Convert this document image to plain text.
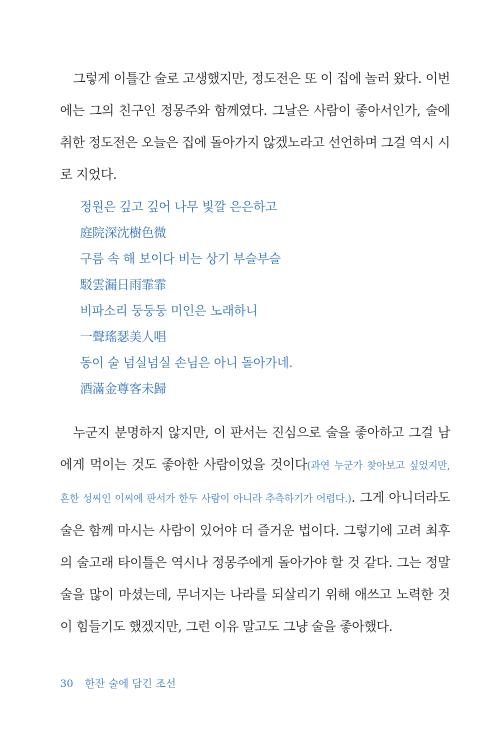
그렇게 이틀간 술로 고생했지만, 정도전은 또 이 집에 놀러 왔다. 이번에는 그의 친구인 정몽주와 함께였다. 그날은 사람이 좋아서인가, 술에 취한 정도전은 오늘은 집에 돌아가지 않겠노라고 선언하며 그걸 역시 시로 지었다.

정원은 깊고 깊어 나무 빛깔 은은하고
庭院深沈樹色微
구름 속 해 보이다 비는 상기 부슬부슬
駁雲漏日雨霏霏
비파소리 둥둥둥 미인은 노래하니
一聲瑤瑟美人唱
동이 술 넘실넘실 손님은 아니 돌아가네.
酒滿金尊客未歸

누군지 분명하지 않지만, 이 판서는 진심으로 술을 좋아하고 그걸 남에게 먹이는 것도 좋아한 사람이었을 것이다(과연 누군가 찾아보고 싶었지만, 흔한 성씨인 이씨에 판서가 한두 사람이 아니라 추측하기가 어렵다.). 그게 아니더라도 술은 함께 마시는 사람이 있어야 더 즐거운 법이다. 그렇기에 고려 최후의 술고래 타이틀은 역시나 정몽주에게 돌아가야 할 것 같다. 그는 정말 술을 많이 마셨는데, 무너지는 나라를 되살리기 위해 애쓰고 노력한 것이 힘들기도 했겠지만, 그런 이유 말고도 그냥 술을 좋아했다.

30 한잔 술에 담긴 조선
